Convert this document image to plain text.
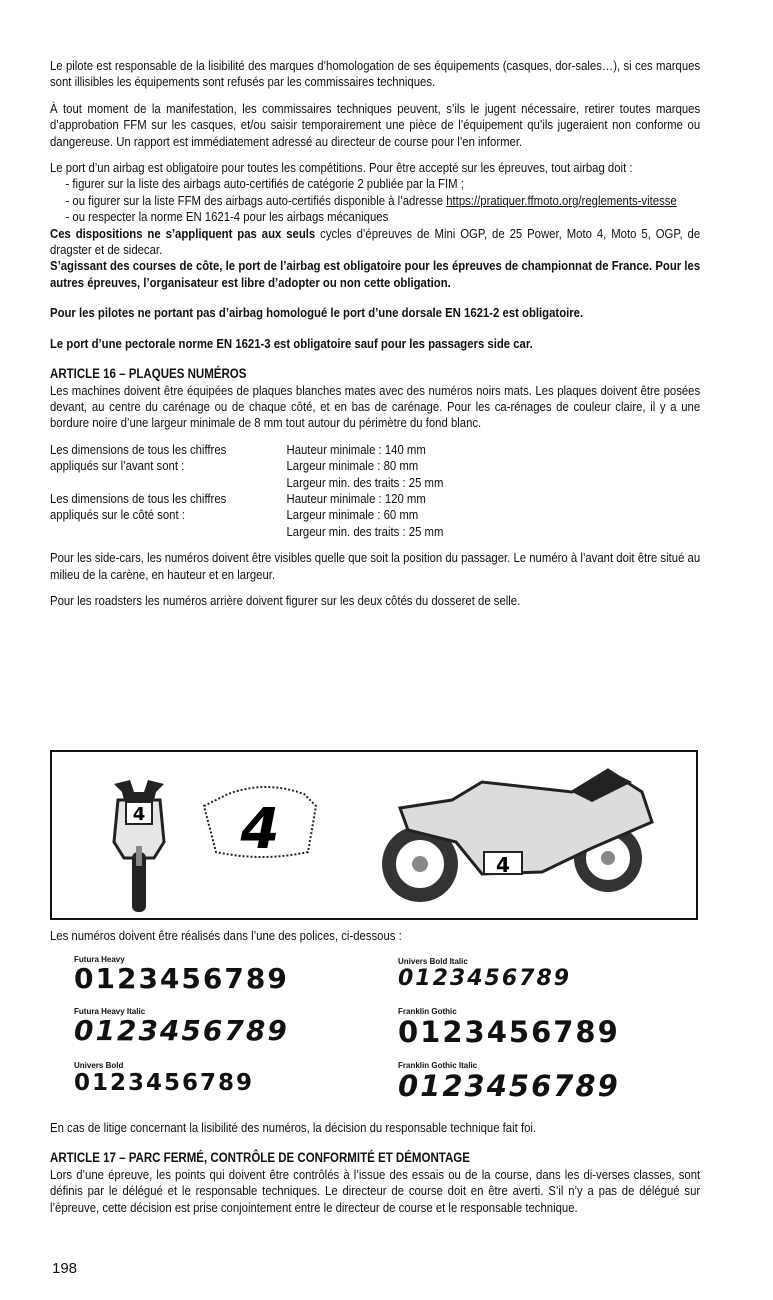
Le pilote est responsable de la lisibilité des marques d’homologation de ses équipements (casques, dor-sales…), si ces marques sont illisibles les équipements sont refusés par les commissaires techniques.

À tout moment de la manifestation, les commissaires techniques peuvent, s’ils le jugent nécessaire, retirer toutes marques d’approbation FFM sur les casques, et/ou saisir temporairement une pièce de l’équipement qu’ils jugeraient non conforme ou dangereuse. Un rapport est immédiatement adressé au directeur de course pour l’en informer.

Le port d’un airbag est obligatoire pour toutes les compétitions. Pour être accepté sur les épreuves, tout airbag doit :

- figurer sur la liste des airbags auto-certifiés de catégorie 2 publiée par la FIM ;
- ou figurer sur la liste FFM des airbags auto-certifiés disponible à l’adresse https://pratiquer.ffmoto.org/reglements-vitesse
- ou respecter la norme EN 1621-4 pour les airbags mécaniques

Ces dispositions ne s’appliquent pas aux seuls cycles d’épreuves de Mini OGP, de 25 Power, Moto 4, Moto 5, OGP, de dragster et de sidecar.

S’agissant des courses de côte, le port de l’airbag est obligatoire pour les épreuves de championnat de France. Pour les autres épreuves, l’organisateur est libre d’adopter ou non cette obligation.

Pour les pilotes ne portant pas d’airbag homologué le port d’une dorsale EN 1621-2 est obligatoire.

Le port d’une pectorale norme EN 1621-3 est obligatoire sauf pour les passagers side car.

ARTICLE 16 – PLAQUES NUMÉROS

Les machines doivent être équipées de plaques blanches mates avec des numéros noirs mats. Les plaques doivent être posées devant, au centre du carénage ou de chaque côté, et en bas de carénage. Pour les ca-rénages de couleur claire, il y a une bordure noire d’une largeur minimale de 8 mm tout autour du périmètre du fond blanc.

Les dimensions de tous les chiffres
appliqués sur l’avant sont :

Les dimensions de tous les chiffres
appliqués sur le côté sont :
Hauteur minimale : 140 mm
Largeur minimale : 80 mm
Largeur min. des traits : 25 mm
Hauteur minimale : 120 mm
Largeur minimale : 60 mm
Largeur min. des traits : 25 mm

Pour les side-cars, les numéros doivent être visibles quelle que soit la position du passager. Le numéro à l’avant doit être situé au milieu de la carène, en hauteur et en largeur.

Pour les roadsters les numéros arrière doivent figurer sur les deux côtés du dosseret de selle.

4 4
4
Les numéros doivent être réalisés dans l’une des polices, ci-dessous :
Futura Heavy
0123456789
Futura Heavy Italic
0123456789
Univers Bold
0123456789
Univers Bold Italic
0123456789
Franklin Gothic
0123456789
Franklin Gothic Italic
0123456789

En cas de litige concernant la lisibilité des numéros, la décision du responsable technique fait foi.

ARTICLE 17 – PARC FERMÉ, CONTRÔLE DE CONFORMITÉ ET DÉMONTAGE

Lors d’une épreuve, les points qui doivent être contrôlés à l’issue des essais ou de la course, dans les di-verses classes, sont définis par le délégué et le responsable techniques. Le directeur de course doit en être averti. S’il n’y a pas de délégué sur l’épreuve, cette décision est prise conjointement entre le directeur de course et le responsable technique.

198
